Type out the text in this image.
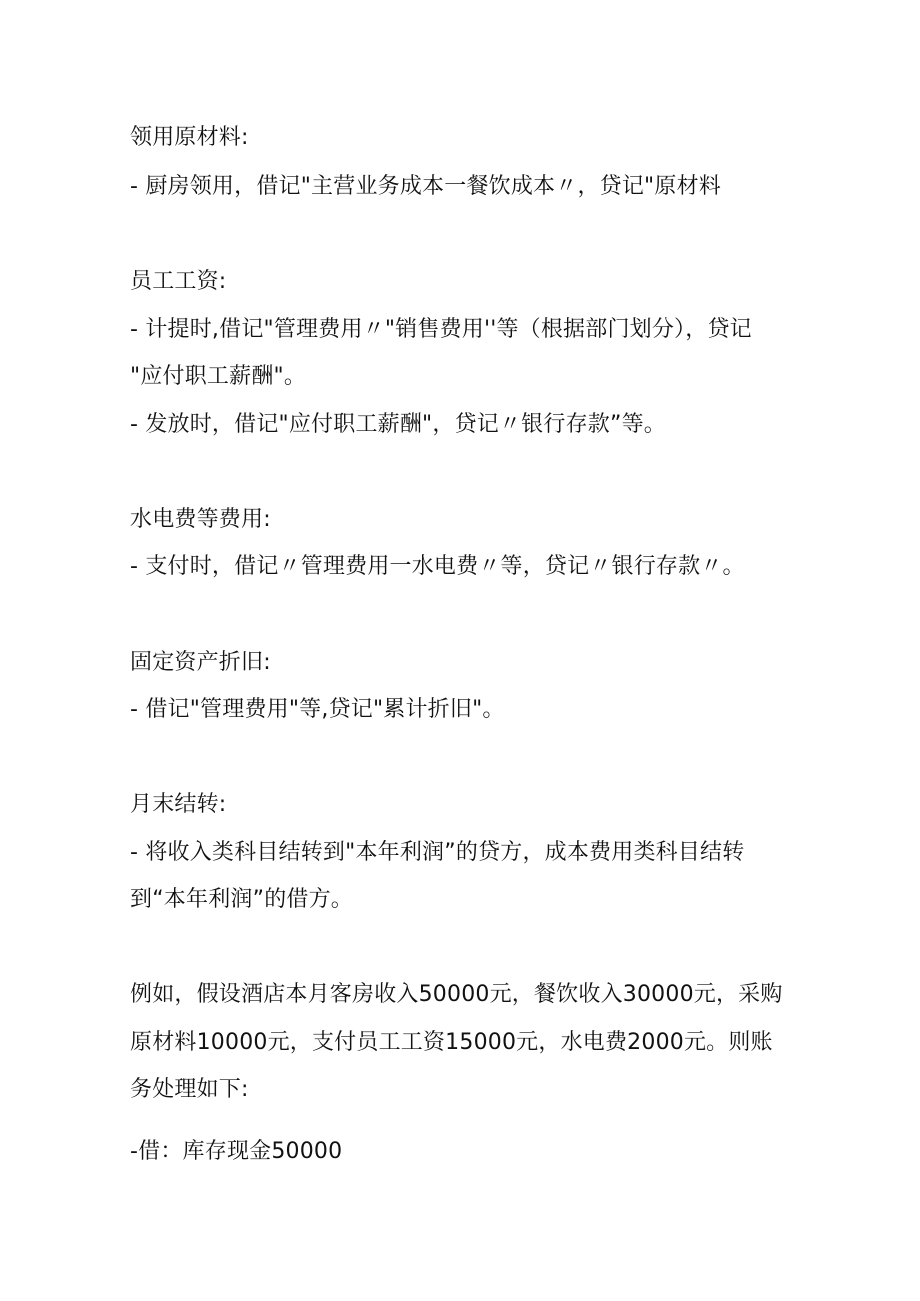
领用原材料:
- 厨房领用，借记"主营业务成本一餐饮成本〃，贷记"原材料
员工工资:
- 计提时,借记"管理费用〃"销售费用''等（根据部门划分），贷记
"应付职工薪酬"。
- 发放时，借记"应付职工薪酬"，贷记〃银行存款”等。
水电费等费用:
- 支付时，借记〃管理费用一水电费〃等，贷记〃银行存款〃。
固定资产折旧:
- 借记"管理费用"等,贷记"累计折旧"。
月末结转:
- 将收入类科目结转到"本年利润”的贷方，成本费用类科目结转
到“本年利润”的借方。
例如，假设酒店本月客房收入50000元，餐饮收入30000元，采购
原材料10000元，支付员工工资15000元，水电费2000元。则账
务处理如下:
-借：库存现金50000
